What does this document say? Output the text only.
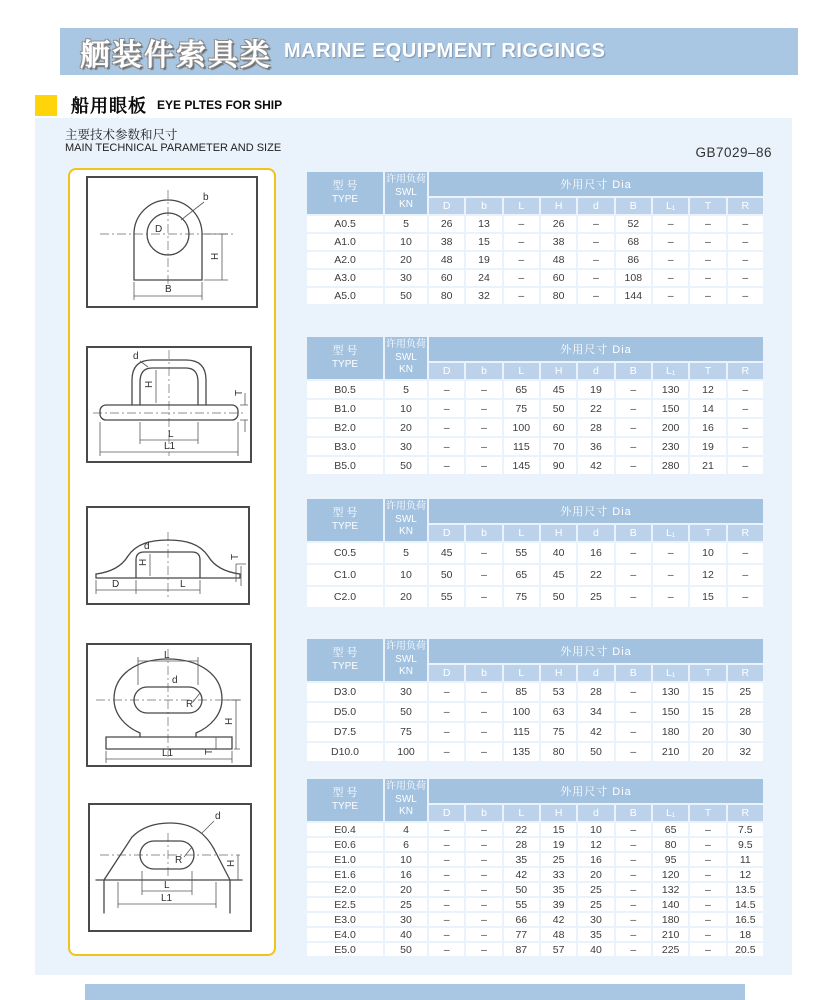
舾装件索具类 MARINE EQUIPMENT RIGGINGS
船用眼板 EYE PLTES FOR SHIP
主要技术参数和尺寸
MAIN TECHNICAL PARAMETER AND SIZE	GB7029–86
b
D
H
B
d
H
L
L1
T
d
H
T
D	L
L
d
R
H
L1	T
d
R	H
L
L1
型 号
TYPE

许用负荷
SWL
KN
	外用尺寸 Dia
		D	b	L	H	d	B	L₁	T	R
A0.5	5	26	13	–	26	–	52	–	–	–
A1.0	10	38	15	–	38	–	68	–	–	–
A2.0	20	48	19	–	48	–	86	–	–	–
A3.0	30	60	24	–	60	–	108	–	–	–
A5.0	50	80	32	–	80	–	144	–	–	–
型 号
TYPE

许用负荷
SWL
KN
	外用尺寸 Dia
		D	b	L	H	d	B	L₁	T	R
B0.5	5	–	–	65	45	19	–	130	12	–
B1.0	10	–	–	75	50	22	–	150	14	–
B2.0	20	–	–	100	60	28	–	200	16	–
B3.0	30	–	–	115	70	36	–	230	19	–
B5.0	50	–	–	145	90	42	–	280	21	–
型 号
TYPE

许用负荷
SWL
KN
	外用尺寸 Dia
		D	b	L	H	d	B	L₁	T	R
C0.5	5	45	–	55	40	16	–	–	10	–
C1.0	10	50	–	65	45	22	–	–	12	–
C2.0	20	55	–	75	50	25	–	–	15	–
型 号
TYPE

许用负荷
SWL
KN
	外用尺寸 Dia
		D	b	L	H	d	B	L₁	T	R
D3.0	30	–	–	85	53	28	–	130	15	25
D5.0	50	–	–	100	63	34	–	150	15	28
D7.5	75	–	–	115	75	42	–	180	20	30
D10.0	100	–	–	135	80	50	–	210	20	32
型 号
TYPE

许用负荷
SWL
KN
	外用尺寸 Dia
		D	b	L	H	d	B	L₁	T	R
E0.4	4	–	–	22	15	10	–	65	–	7.5
E0.6	6	–	–	28	19	12	–	80	–	9.5
E1.0	10	–	–	35	25	16	–	95	–	11
E1.6	16	–	–	42	33	20	–	120	–	12
E2.0	20	–	–	50	35	25	–	132	–	13.5
E2.5	25	–	–	55	39	25	–	140	–	14.5
E3.0	30	–	–	66	42	30	–	180	–	16.5
E4.0	40	–	–	77	48	35	–	210	–	18
E5.0	50	–	–	87	57	40	–	225	–	20.5
